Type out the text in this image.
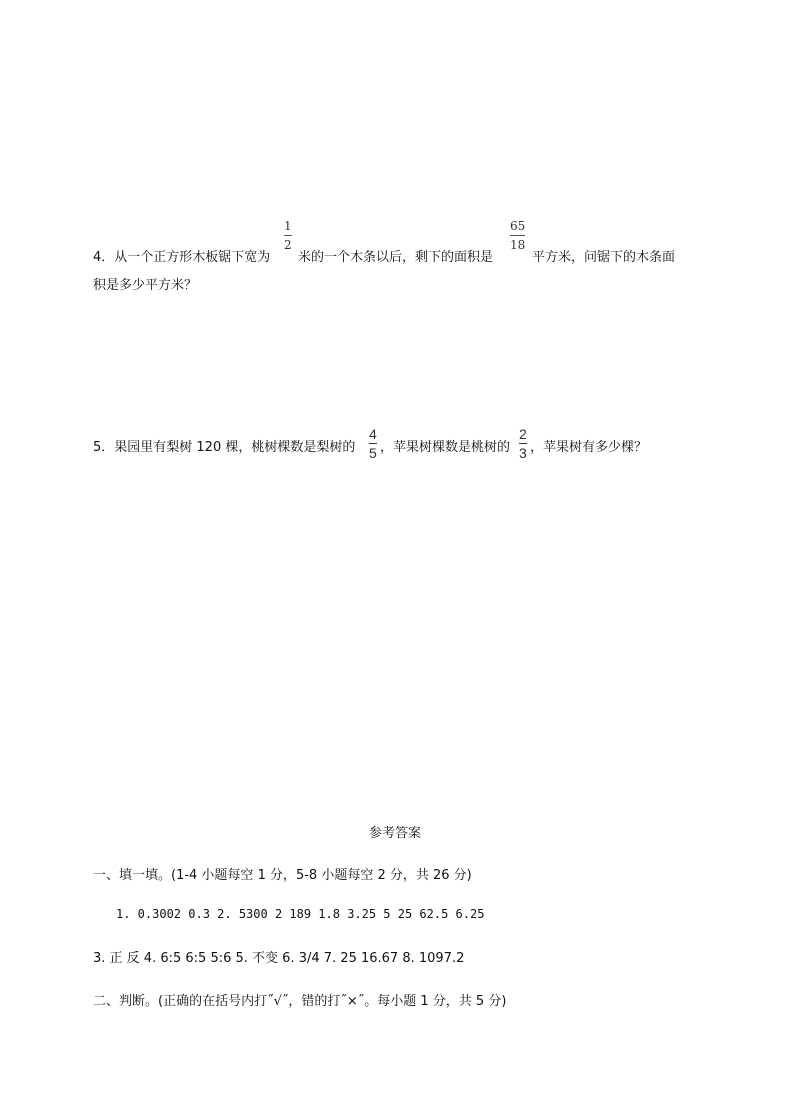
4．从一个正方形木板锯下宽为
1
2
米的一个木条以后，剩下的面积是
65
18
平方米，问锯下的木条面
积是多少平方米？
5．果园里有梨树 120 棵，桃树棵数是梨树的
4
5 ，苹果树棵数是桃树的
2
3 ，苹果树有多少棵？
参考答案
一、填一填。(1-4 小题每空 1 分，5-8 小题每空 2 分，共 26 分)
1. 0.3002 0.3 2. 5300 2 189 1.8 3.25 5 25 62.5 6.25
3. 正 反 4. 6:5 6:5 5:6 5. 不变 6. 3/4 7. 25 16.67 8. 1097.2
二、判断。(正确的在括号内打˝√˝，错的打˝×˝。每小题 1 分，共 5 分)
